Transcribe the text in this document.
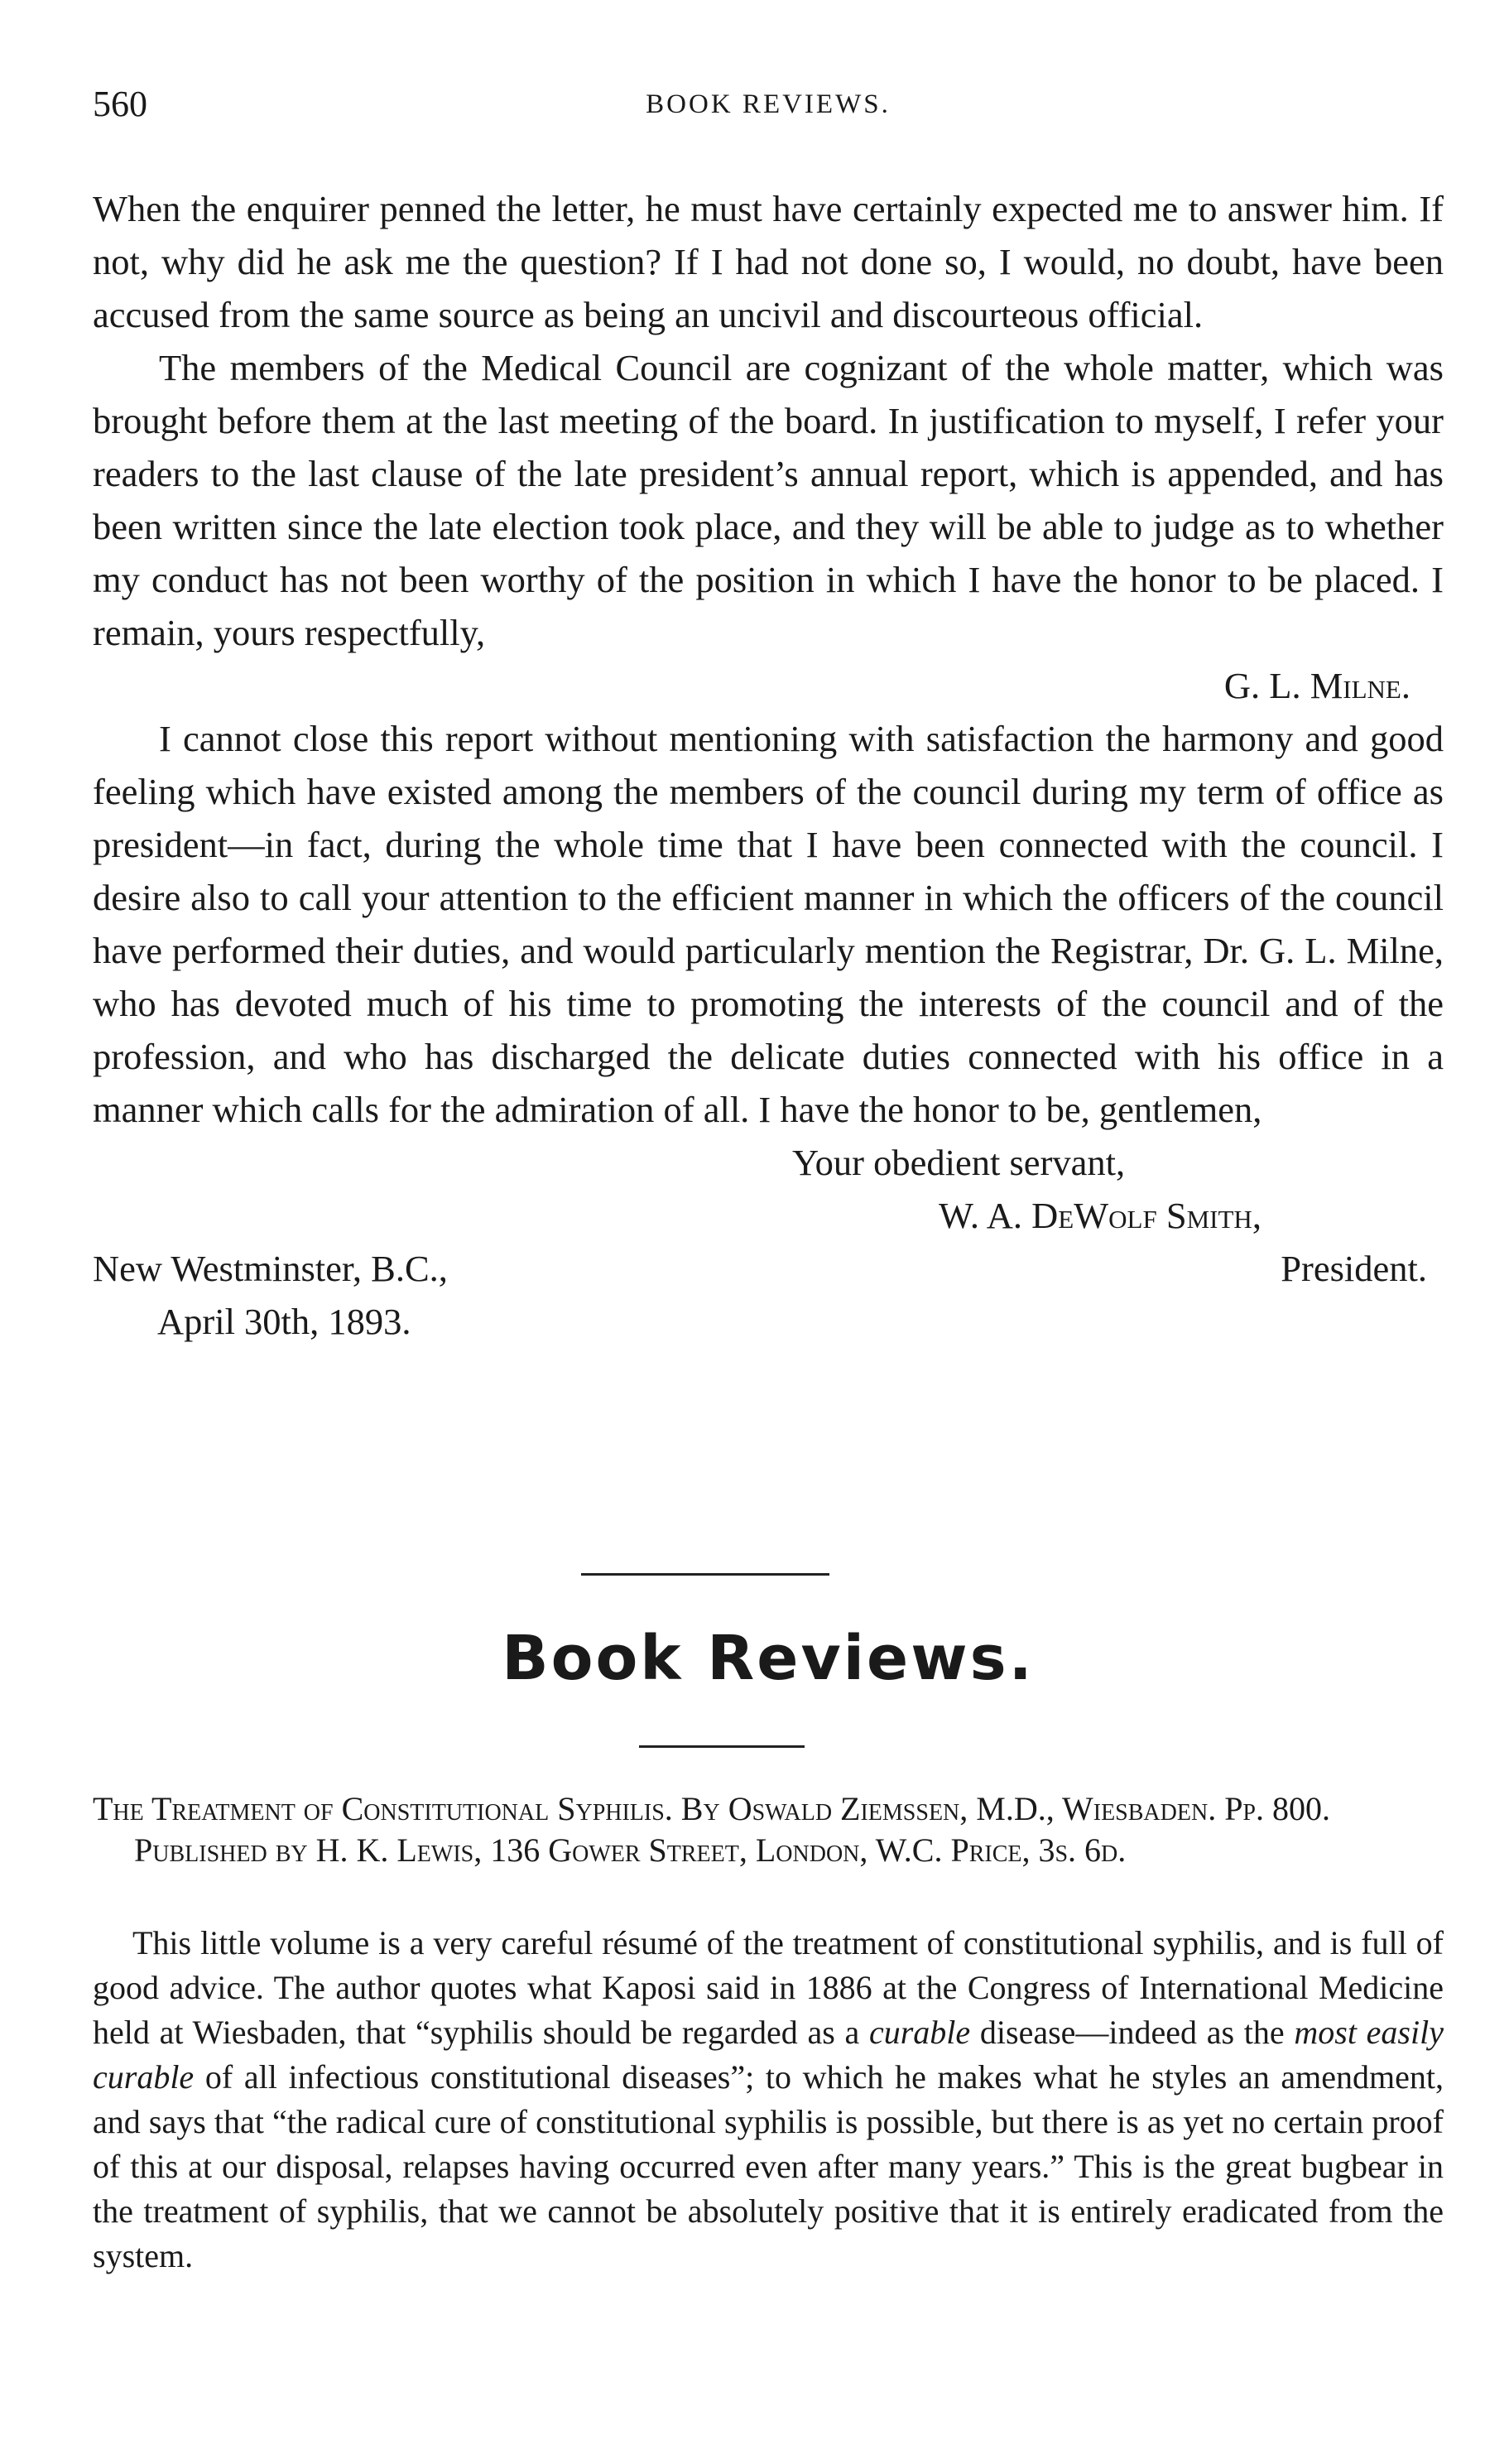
560	BOOK REVIEWS.

When the enquirer penned the letter, he must have certainly expected me to answer him. If not, why did he ask me the question? If I had not done so, I would, no doubt, have been accused from the same source as being an uncivil and discourteous official.

The members of the Medical Council are cognizant of the whole matter, which was brought before them at the last meeting of the board. In justification to myself, I refer your readers to the last clause of the late president’s annual report, which is appended, and has been written since the late election took place, and they will be able to judge as to whether my conduct has not been worthy of the position in which I have the honor to be placed. I remain, yours respectfully,

G. L. Milne.

I cannot close this report without mentioning with satisfaction the harmony and good feeling which have existed among the members of the council during my term of office as president—in fact, during the whole time that I have been connected with the council. I desire also to call your attention to the efficient manner in which the officers of the council have performed their duties, and would particularly mention the Registrar, Dr. G. L. Milne, who has devoted much of his time to promoting the interests of the council and of the profession, and who has discharged the delicate duties connected with his office in a manner which calls for the admiration of all. I have the honor to be, gentlemen,

Your obedient servant,

W. A. DeWolf Smith,

New Westminster, B.C.,	President.

April 30th, 1893.

Book Reviews.

The Treatment of Constitutional Syphilis. By Oswald Ziemssen, M.D., Wiesbaden. Pp. 800. Published by H. K. Lewis, 136 Gower Street, London, W.C. Price, 3s. 6d.

This little volume is a very careful résumé of the treatment of constitutional syphilis, and is full of good advice. The author quotes what Kaposi said in 1886 at the Congress of International Medicine held at Wiesbaden, that “syphilis should be regarded as a curable disease—indeed as the most easily curable of all infectious constitutional diseases”; to which he makes what he styles an amendment, and says that “the radical cure of constitutional syphilis is possible, but there is as yet no certain proof of this at our disposal, relapses having occurred even after many years.” This is the great bugbear in the treatment of syphilis, that we cannot be absolutely positive that it is entirely eradicated from the system.
